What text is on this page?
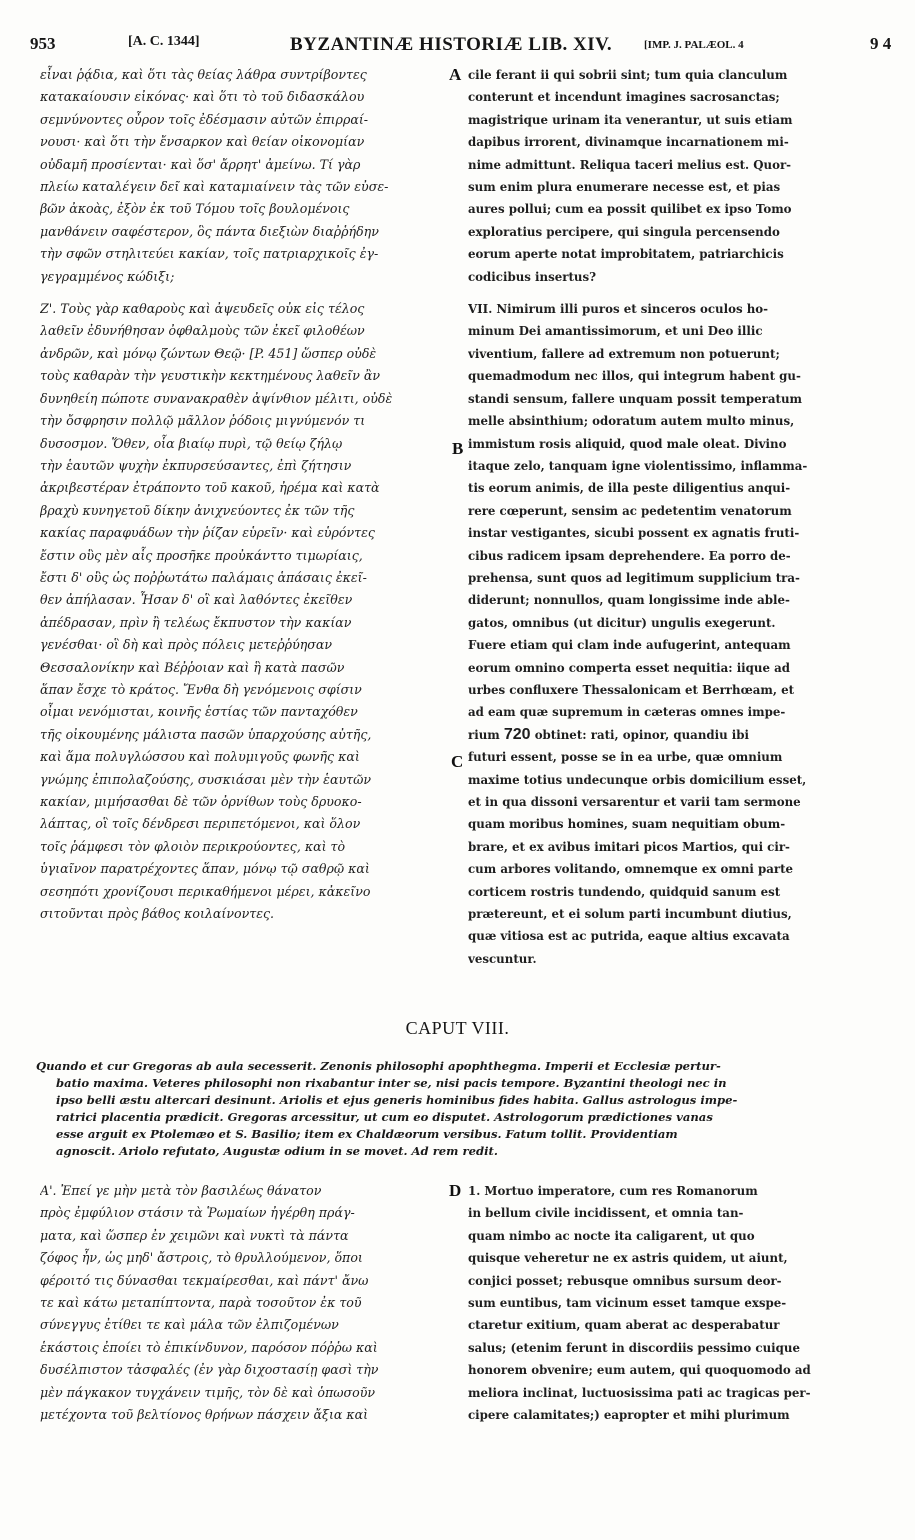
953	[A. C. 1344]	BYZANTINÆ HISTORIÆ LIB. XIV.	[IMP. J. PALÆOL. 4	9 4
εἶναι ῥᾴδια, καὶ ὅτι τὰς θείας λάθρα συντρίβοντες
κατακαίουσιν εἰκόνας· καὶ ὅτι τὸ τοῦ διδασκάλου
σεμνύνοντες οὖρον τοῖς ἐδέσμασιν αὐτῶν ἐπιρραί-
νουσι· καὶ ὅτι τὴν ἔνσαρκον καὶ θείαν οἰκονομίαν
οὐδαμῆ προσίενται· καὶ ὅσ' ἄρρητ' ἀμείνω. Τί γὰρ
πλείω καταλέγειν δεῖ καὶ καταμιαίνειν τὰς τῶν εὐσε-
βῶν ἀκοὰς, ἐξὸν ἐκ τοῦ Τόμου τοῖς βουλομένοις
μανθάνειν σαφέστερον, ὃς πάντα διεξιὼν διαῤῥήδην
τὴν σφῶν στηλιτεύει κακίαν, τοῖς πατριαρχικοῖς ἐγ-
γεγραμμένος κώδιξι;
Ζ'. Τοὺς γὰρ καθαροὺς καὶ ἀψευδεῖς οὐκ εἰς τέλος
λαθεῖν ἐδυνήθησαν ὀφθαλμοὺς τῶν ἐκεῖ φιλοθέων
ἀνδρῶν, καὶ μόνῳ ζώντων Θεῷ· [P. 451] ὥσπερ οὐδὲ
τοὺς καθαρὰν τὴν γευστικὴν κεκτημένους λαθεῖν ἂν
δυνηθείη πώποτε συνανακραθὲν ἀψίνθιον μέλιτι, οὐδὲ
τὴν ὄσφρησιν πολλῷ μᾶλλον ῥόδοις μιγνύμενόν τι
δυσοσμον. Ὅθεν, οἷα βιαίῳ πυρὶ, τῷ θείῳ ζήλῳ
τὴν ἑαυτῶν ψυχὴν ἐκπυρσεύσαντες, ἐπὶ ζήτησιν
ἀκριβεστέραν ἐτράποντο τοῦ κακοῦ, ἠρέμα καὶ κατὰ
βραχὺ κυνηγετοῦ δίκην ἀνιχνεύοντες ἐκ τῶν τῆς
κακίας παραφυάδων τὴν ῥίζαν εὑρεῖν· καὶ εὑρόντες
ἔστιν οὓς μὲν αἷς προσῆκε προὐκάνττο τιμωρίαις,
ἔστι δ' οὓς ὡς ποῤῥωτάτω παλάμαις ἁπάσαις ἐκεῖ-
θεν ἀπήλασαν. Ἦσαν δ' οἳ καὶ λαθόντες ἐκεῖθεν
ἀπέδρασαν, πρὶν ἢ τελέως ἔκπυστον τὴν κακίαν
γενέσθαι· οἳ δὴ καὶ πρὸς πόλεις μετεῤῥύησαν
Θεσσαλονίκην καὶ Βέῤῥοιαν καὶ ἣ κατὰ πασῶν
ἅπαν ἔσχε τὸ κράτος. Ἔνθα δὴ γενόμενοις σφίσιν
οἶμαι νενόμισται, κοινῆς ἑστίας τῶν πανταχόθεν
τῆς οἰκουμένης μάλιστα πασῶν ὑπαρχούσης αὐτῆς,
καὶ ἅμα πολυγλώσσου καὶ πολυμιγοῦς φωνῆς καὶ
γνώμης ἐπιπολαζούσης, συσκιάσαι μὲν τὴν ἑαυτῶν
κακίαν, μιμήσασθαι δὲ τῶν ὀρνίθων τοὺς δρυοκο-
λάπτας, οἳ τοῖς δένδρεσι περιπετόμενοι, καὶ ὅλον
τοῖς ῥάμφεσι τὸν φλοιὸν περικρούοντες, καὶ τὸ
ὑγιαῖνον παρατρέχοντες ἅπαν, μόνῳ τῷ σαθρῷ καὶ
σεσηπότι χρονίζουσι περικαθήμενοι μέρει, κἀκεῖνο
σιτοῦνται πρὸς βάθος κοιλαίνοντες.
cile ferant ii qui sobrii sint; tum quia clanculum
conterunt et incendunt imagines sacrosanctas;
magistrique urinam ita venerantur, ut suis etiam
dapibus irrorent, divinamque incarnationem mi-
nime admittunt. Reliqua taceri melius est. Quor-
sum enim plura enumerare necesse est, et pias
aures pollui; cum ea possit quilibet ex ipso Tomo
exploratius percipere, qui singula percensendo
eorum aperte notat improbitatem, patriarchicis
codicibus insertus?
VII. Nimirum illi puros et sinceros oculos ho-
minum Dei amantissimorum, et uni Deo illic
viventium, fallere ad extremum non potuerunt;
quemadmodum nec illos, qui integrum habent gu-
standi sensum, fallere unquam possit temperatum
melle absinthium; odoratum autem multo minus,
immistum rosis aliquid, quod male oleat. Divino
itaque zelo, tanquam igne violentissimo, inflamma-
tis eorum animis, de illa peste diligentius anqui-
rere cœperunt, sensim ac pedetentim venatorum
instar vestigantes, sicubi possent ex agnatis fruti-
cibus radicem ipsam deprehendere. Ea porro de-
prehensa, sunt quos ad legitimum supplicium tra-
diderunt; nonnullos, quam longissime inde able-
gatos, omnibus (ut dicitur) ungulis exegerunt.
Fuere etiam qui clam inde aufugerint, antequam
eorum omnino comperta esset nequitia: iique ad
urbes confluxere Thessalonicam et Berrhœam, et
ad eam quæ supremum in cæteras omnes impe-
rium 720 obtinet: rati, opinor, quandiu ibi
futuri essent, posse se in ea urbe, quæ omnium
maxime totius undecunque orbis domicilium esset,
et in qua dissoni versarentur et varii tam sermone
quam moribus homines, suam nequitiam obum-
brare, et ex avibus imitari picos Martios, qui cir-
cum arbores volitando, omnemque ex omni parte
corticem rostris tundendo, quidquid sanum est
prætereunt, et ei solum parti incumbunt diutius,
quæ vitiosa est ac putrida, eaque altius excavata
vescuntur.
A
B
C
D
CAPUT VIII.
Quando et cur Gregoras ab aula secesserit. Zenonis philosophi apophthegma. Imperii et Ecclesiæ pertur-
batio maxima. Veteres philosophi non rixabantur inter se, nisi pacis tempore. Byzantini theologi nec in
ipso belli æstu altercari desinunt. Ariolis et ejus generis hominibus fides habita. Gallus astrologus impe-
ratrici placentia prædicit. Gregoras arcessitur, ut cum eo disputet. Astrologorum prædictiones vanas
esse arguit ex Ptolemæo et S. Basilio; item ex Chaldæorum versibus. Fatum tollit. Providentiam
agnoscit. Ariolo refutato, Augustæ odium in se movet. Ad rem redit.
Α'. Ἐπεί γε μὴν μετὰ τὸν βασιλέως θάνατον
πρὸς ἐμφύλιον στάσιν τὰ Ῥωμαίων ἠγέρθη πράγ-
ματα, καὶ ὥσπερ ἐν χειμῶνι καὶ νυκτὶ τὰ πάντα
ζόφος ἦν, ὡς μηδ' ἄστροις, τὸ θρυλλούμενον, ὅποι
φέροιτό τις δύνασθαι τεκμαίρεσθαι, καὶ πάντ' ἄνω
τε καὶ κάτω μεταπίπτοντα, παρὰ τοσοῦτον ἐκ τοῦ
σύνεγγυς ἐτίθει τε καὶ μάλα τῶν ἐλπιζομένων
ἑκάστοις ἐποίει τὸ ἐπικίνδυνον, παρόσον πόῤῥω καὶ
δυσέλπιστον τἀσφαλές (ἐν γὰρ διχοστασίῃ φασὶ τὴν
μὲν πάγκακον τυγχάνειν τιμῆς, τὸν δὲ καὶ ὁπωσοῦν
μετέχοντα τοῦ βελτίονος θρήνων πάσχειν ἄξια καὶ
1. Mortuo imperatore, cum res Romanorum
in bellum civile incidissent, et omnia tan-
quam nimbo ac nocte ita caligarent, ut quo
quisque veheretur ne ex astris quidem, ut aiunt,
conjici posset; rebusque omnibus sursum deor-
sum euntibus, tam vicinum esset tamque exspe-
ctaretur exitium, quam aberat ac desperabatur
salus; (etenim ferunt in discordiis pessimo cuique
honorem obvenire; eum autem, qui quoquomodo ad
meliora inclinat, luctuosissima pati ac tragicas per-
cipere calamitates;) eapropter et mihi plurimum
